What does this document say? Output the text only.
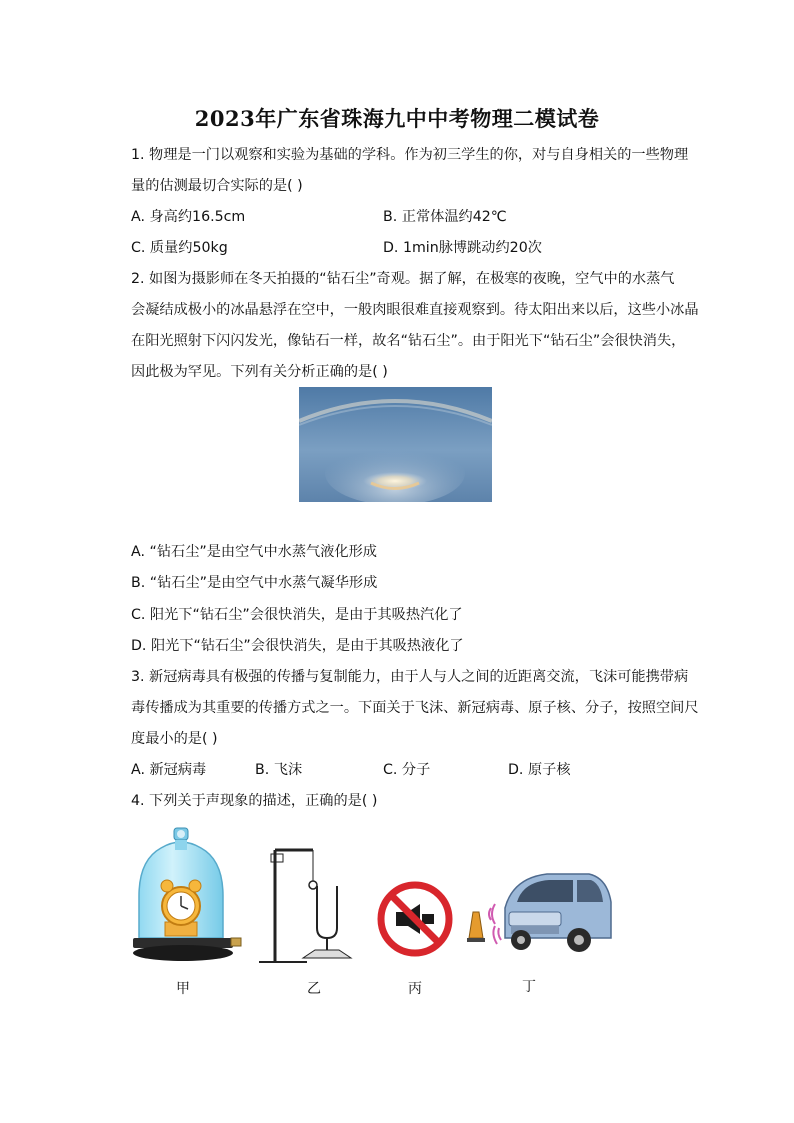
2023年广东省珠海九中中考物理二模试卷
1. 物理是一门以观察和实验为基础的学科。作为初三学生的你，对与自身相关的一些物理
量的估测最切合实际的是( )
A. 身高约16.5cm	B. 正常体温约42℃
C. 质量约50kg	D. 1min脉博跳动约20次
2. 如图为摄影师在冬天拍摄的“钻石尘”奇观。据了解，在极寒的夜晚，空气中的水蒸气
会凝结成极小的冰晶悬浮在空中，一般肉眼很难直接观察到。待太阳出来以后，这些小冰晶
在阳光照射下闪闪发光，像钻石一样，故名“钻石尘”。由于阳光下“钻石尘”会很快消失，
因此极为罕见。下列有关分析正确的是( )
A. “钻石尘”是由空气中水蒸气液化形成
B. “钻石尘”是由空气中水蒸气凝华形成
C. 阳光下“钻石尘”会很快消失，是由于其吸热汽化了
D. 阳光下“钻石尘”会很快消失，是由于其吸热液化了
3. 新冠病毒具有极强的传播与复制能力，由于人与人之间的近距离交流，飞沫可能携带病
毒传播成为其重要的传播方式之一。下面关于飞沫、新冠病毒、原子核、分子，按照空间尺
度最小的是( )
A. 新冠病毒	B. 飞沫	C. 分子	D. 原子核
4. 下列关于声现象的描述，正确的是( )
甲	乙	丙	丁
